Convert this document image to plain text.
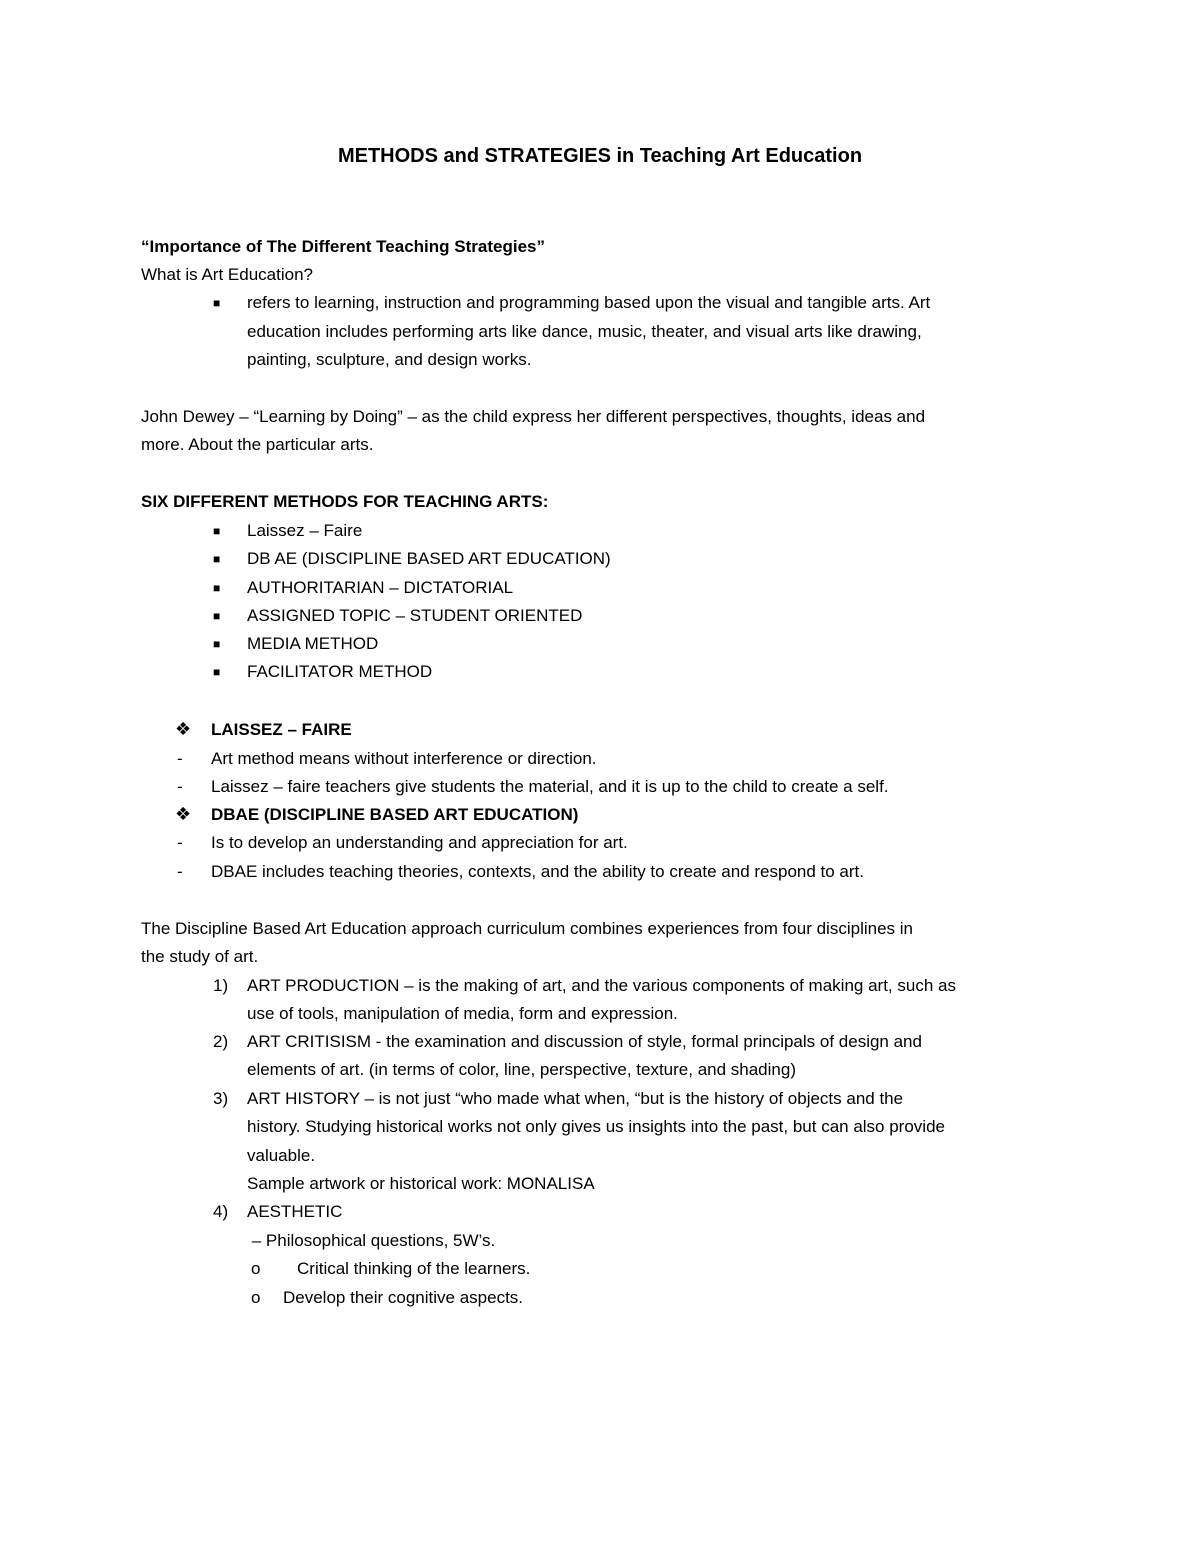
METHODS and STRATEGIES in Teaching Art Education
“Importance of The Different Teaching Strategies”
What is Art Education?
■ refers to learning, instruction and programming based upon the visual and tangible arts. Art
education includes performing arts like dance, music, theater, and visual arts like drawing,
painting, sculpture, and design works.
John Dewey – “Learning by Doing” – as the child express her different perspectives, thoughts, ideas and
more. About the particular arts.
SIX DIFFERENT METHODS FOR TEACHING ARTS:
■ Laissez – Faire
■ DB AE (DISCIPLINE BASED ART EDUCATION)
■ AUTHORITARIAN – DICTATORIAL
■ ASSIGNED TOPIC – STUDENT ORIENTED
■ MEDIA METHOD
■ FACILITATOR METHOD
❖ LAISSEZ – FAIRE
- Art method means without interference or direction.
- Laissez – faire teachers give students the material, and it is up to the child to create a self.
❖ DBAE (DISCIPLINE BASED ART EDUCATION)
- Is to develop an understanding and appreciation for art.
- DBAE includes teaching theories, contexts, and the ability to create and respond to art.
The Discipline Based Art Education approach curriculum combines experiences from four disciplines in
the study of art.
1) ART PRODUCTION – is the making of art, and the various components of making art, such as
use of tools, manipulation of media, form and expression.
2) ART CRITISISM - the examination and discussion of style, formal principals of design and
elements of art. (in terms of color, line, perspective, texture, and shading)
3) ART HISTORY – is not just “who made what when, “but is the history of objects and the
history. Studying historical works not only gives us insights into the past, but can also provide
valuable.
Sample artwork or historical work: MONALISA
4) AESTHETIC
– Philosophical questions, 5W’s.
o Critical thinking of the learners.
o Develop their cognitive aspects.
